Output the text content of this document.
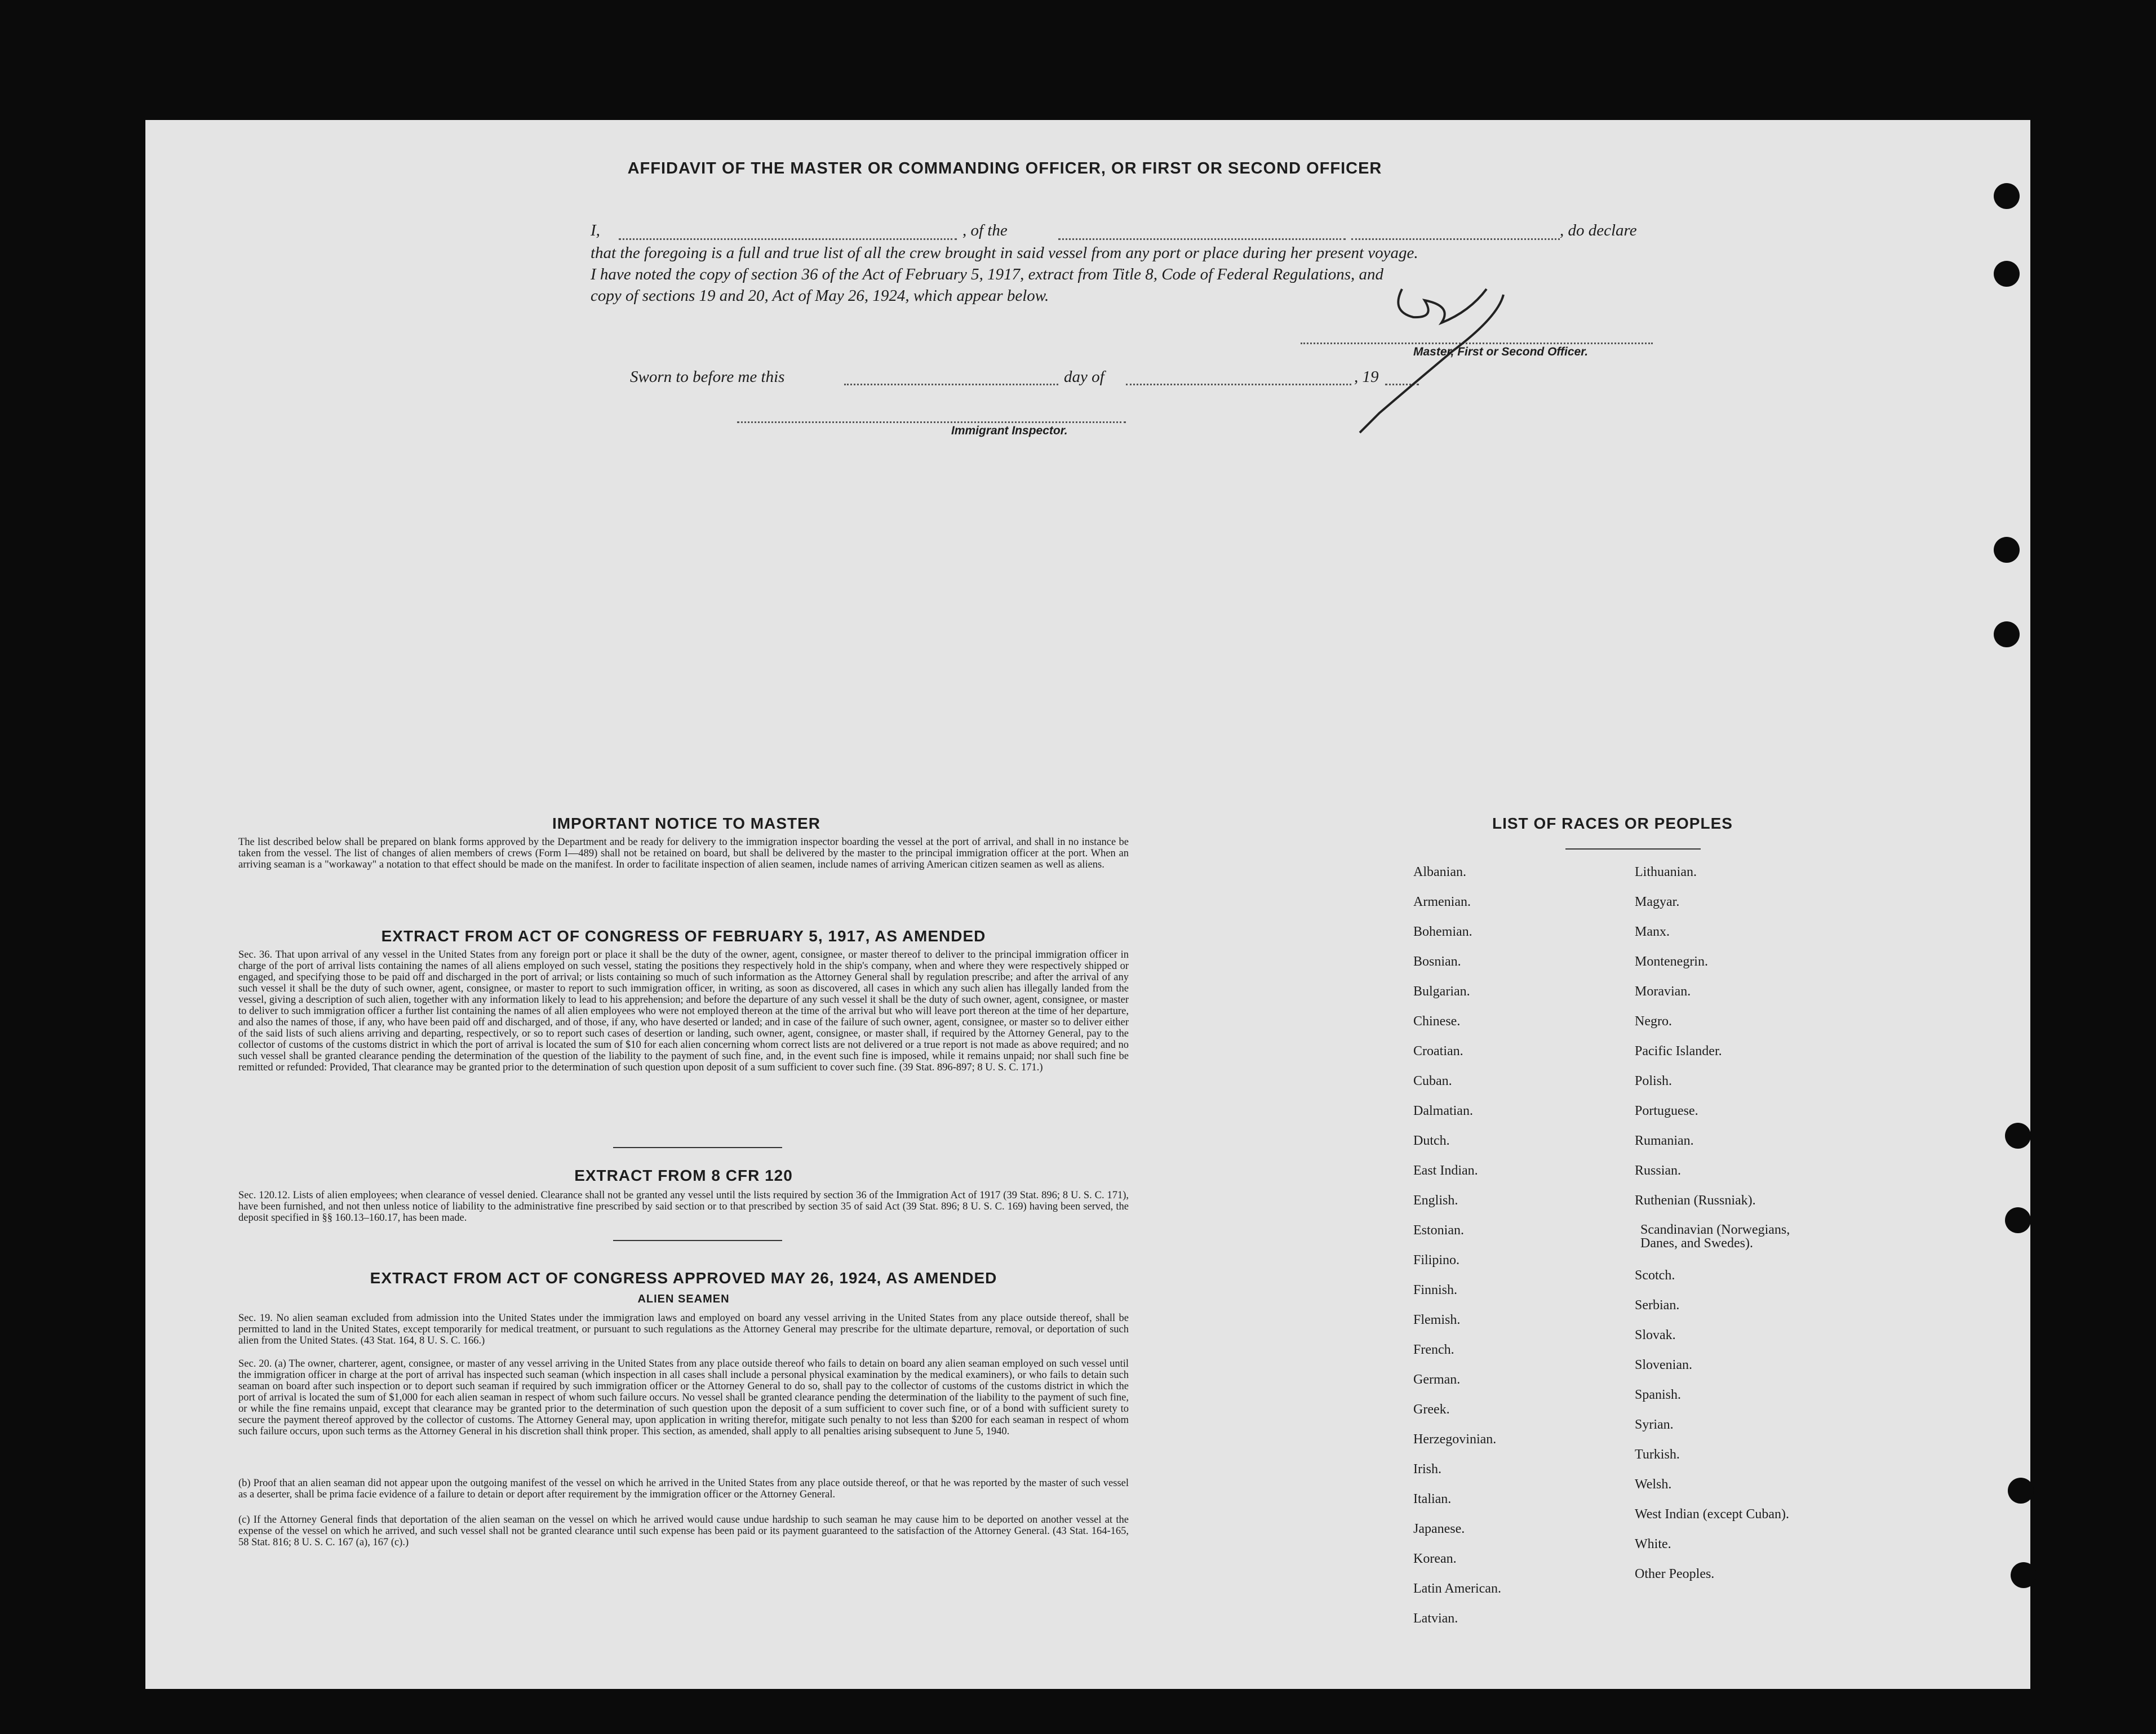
AFFIDAVIT OF THE MASTER OR COMMANDING OFFICER, OR FIRST OR SECOND OFFICER
I,	, of the	, do declare
that the foregoing is a full and true list of all the crew brought in said vessel from any port or place during her present voyage.
I have noted the copy of section 36 of the Act of February 5, 1917, extract from Title 8, Code of Federal Regulations, and
copy of sections 19 and 20, Act of May 26, 1924, which appear below.
Master, First or Second Officer.
Sworn to before me this	day of	, 19
Immigrant Inspector.
IMPORTANT NOTICE TO MASTER
The list described below shall be prepared on blank forms approved by the Department and be ready for delivery to the immigration inspector boarding the vessel at the port of arrival, and shall in no instance be taken from the vessel. The list of changes of alien members of crews (Form I—489) shall not be retained on board, but shall be delivered by the master to the principal immigration officer at the port. When an arriving seaman is a "workaway" a notation to that effect should be made on the manifest. In order to facilitate inspection of alien seamen, include names of arriving American citizen seamen as well as aliens.
EXTRACT FROM ACT OF CONGRESS OF FEBRUARY 5, 1917, AS AMENDED
Sec. 36. That upon arrival of any vessel in the United States from any foreign port or place it shall be the duty of the owner, agent, consignee, or master thereof to deliver to the principal immigration officer in charge of the port of arrival lists containing the names of all aliens employed on such vessel, stating the positions they respectively hold in the ship's company, when and where they were respectively shipped or engaged, and specifying those to be paid off and discharged in the port of arrival; or lists containing so much of such information as the Attorney General shall by regulation prescribe; and after the arrival of any such vessel it shall be the duty of such owner, agent, consignee, or master to report to such immigration officer, in writing, as soon as discovered, all cases in which any such alien has illegally landed from the vessel, giving a description of such alien, together with any information likely to lead to his apprehension; and before the departure of any such vessel it shall be the duty of such owner, agent, consignee, or master to deliver to such immigration officer a further list containing the names of all alien employees who were not employed thereon at the time of the arrival but who will leave port thereon at the time of her departure, and also the names of those, if any, who have been paid off and discharged, and of those, if any, who have deserted or landed; and in case of the failure of such owner, agent, consignee, or master so to deliver either of the said lists of such aliens arriving and departing, respectively, or so to report such cases of desertion or landing, such owner, agent, consignee, or master shall, if required by the Attorney General, pay to the collector of customs of the customs district in which the port of arrival is located the sum of $10 for each alien concerning whom correct lists are not delivered or a true report is not made as above required; and no such vessel shall be granted clearance pending the determination of the question of the liability to the payment of such fine, and, in the event such fine is imposed, while it remains unpaid; nor shall such fine be remitted or refunded: Provided, That clearance may be granted prior to the determination of such question upon deposit of a sum sufficient to cover such fine. (39 Stat. 896-897; 8 U. S. C. 171.)
EXTRACT FROM 8 CFR 120
Sec. 120.12. Lists of alien employees; when clearance of vessel denied. Clearance shall not be granted any vessel until the lists required by section 36 of the Immigration Act of 1917 (39 Stat. 896; 8 U. S. C. 171), have been furnished, and not then unless notice of liability to the administrative fine prescribed by said section or to that prescribed by section 35 of said Act (39 Stat. 896; 8 U. S. C. 169) having been served, the deposit specified in §§ 160.13–160.17, has been made.
EXTRACT FROM ACT OF CONGRESS APPROVED MAY 26, 1924, AS AMENDED
ALIEN SEAMEN
Sec. 19. No alien seaman excluded from admission into the United States under the immigration laws and employed on board any vessel arriving in the United States from any place outside thereof, shall be permitted to land in the United States, except temporarily for medical treatment, or pursuant to such regulations as the Attorney General may prescribe for the ultimate departure, removal, or deportation of such alien from the United States. (43 Stat. 164, 8 U. S. C. 166.)
Sec. 20. (a) The owner, charterer, agent, consignee, or master of any vessel arriving in the United States from any place outside thereof who fails to detain on board any alien seaman employed on such vessel until the immigration officer in charge at the port of arrival has inspected such seaman (which inspection in all cases shall include a personal physical examination by the medical examiners), or who fails to detain such seaman on board after such inspection or to deport such seaman if required by such immigration officer or the Attorney General to do so, shall pay to the collector of customs of the customs district in which the port of arrival is located the sum of $1,000 for each alien seaman in respect of whom such failure occurs. No vessel shall be granted clearance pending the determination of the liability to the payment of such fine, or while the fine remains unpaid, except that clearance may be granted prior to the determination of such question upon the deposit of a sum sufficient to cover such fine, or of a bond with sufficient surety to secure the payment thereof approved by the collector of customs. The Attorney General may, upon application in writing therefor, mitigate such penalty to not less than $200 for each seaman in respect of whom such failure occurs, upon such terms as the Attorney General in his discretion shall think proper. This section, as amended, shall apply to all penalties arising subsequent to June 5, 1940.
(b) Proof that an alien seaman did not appear upon the outgoing manifest of the vessel on which he arrived in the United States from any place outside thereof, or that he was reported by the master of such vessel as a deserter, shall be prima facie evidence of a failure to detain or deport after requirement by the immigration officer or the Attorney General.
(c) If the Attorney General finds that deportation of the alien seaman on the vessel on which he arrived would cause undue hardship to such seaman he may cause him to be deported on another vessel at the expense of the vessel on which he arrived, and such vessel shall not be granted clearance until such expense has been paid or its payment guaranteed to the satisfaction of the Attorney General. (43 Stat. 164-165, 58 Stat. 816; 8 U. S. C. 167 (a), 167 (c).)
LIST OF RACES OR PEOPLES
Albanian.
Armenian.
Bohemian.
Bosnian.
Bulgarian.
Chinese.
Croatian.
Cuban.
Dalmatian.
Dutch.
East Indian.
English.
Estonian.
Filipino.
Finnish.
Flemish.
French.
German.
Greek.
Herzegovinian.
Irish.
Italian.
Japanese.
Korean.
Latin American.
Latvian.
Lithuanian.
Magyar.
Manx.
Montenegrin.
Moravian.
Negro.
Pacific Islander.
Polish.
Portuguese.
Rumanian.
Russian.
Ruthenian (Russniak).
Scandinavian (Norwegians, Danes, and Swedes).
Scotch.
Serbian.
Slovak.
Slovenian.
Spanish.
Syrian.
Turkish.
Welsh.
West Indian (except Cuban).
White.
Other Peoples.
